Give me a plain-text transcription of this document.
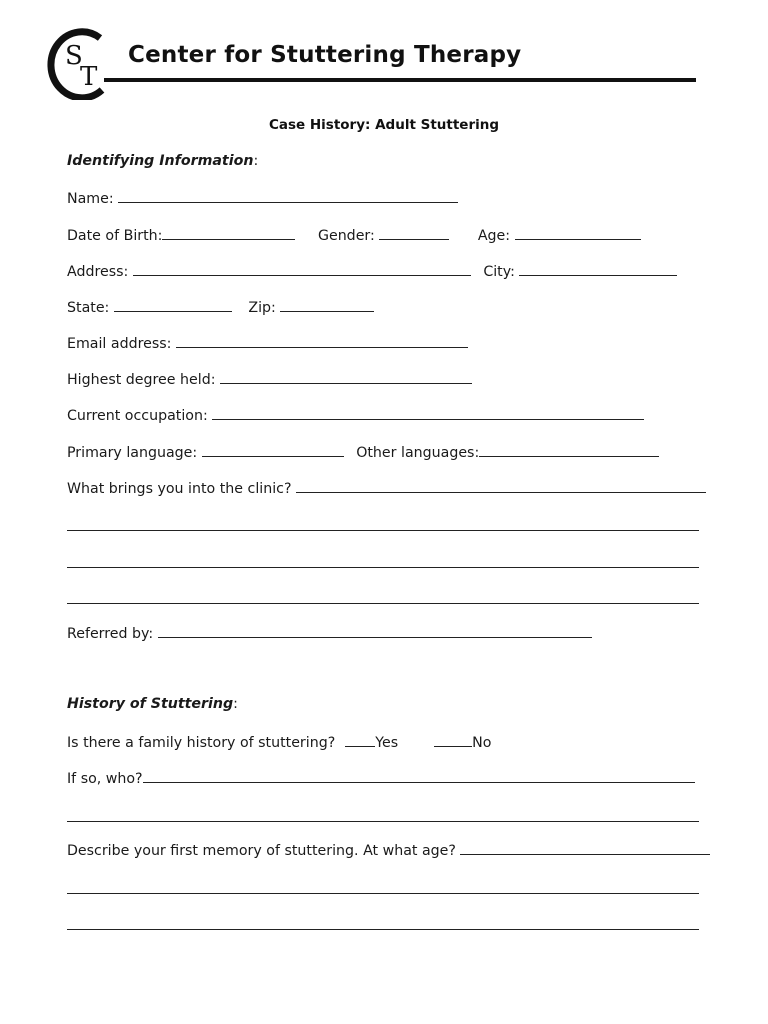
S
T
Center for Stuttering Therapy
Case History: Adult Stuttering
Identifying Information:
Name:
Date of Birth:	Gender:	Age:
Address:	City:
State:	Zip:
Email address:
Highest degree held:
Current occupation:
Primary language:	Other languages:
What brings you into the clinic?
Referred by:
History of Stuttering:
Is there a family history of stuttering?	Yes	No
If so, who?
Describe your first memory of stuttering. At what age?
